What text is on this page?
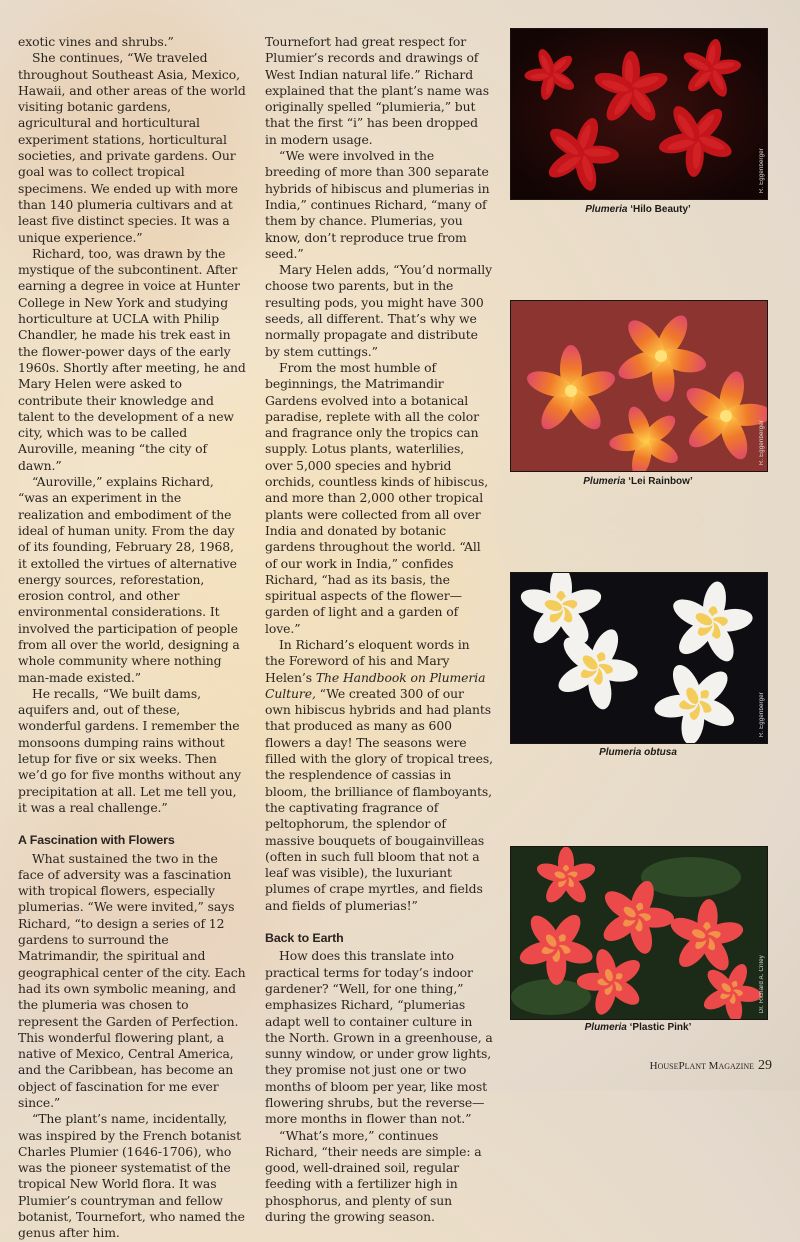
exotic vines and shrubs.”

She continues, “We traveled throughout Southeast Asia, Mexico, Hawaii, and other areas of the world visiting botanic gardens, agricultural and horticultural experiment stations, horticultural societies, and private gardens. Our goal was to collect tropical specimens. We ended up with more than 140 plumeria cultivars and at least five distinct species. It was a unique experience.”

Richard, too, was drawn by the mystique of the subcontinent. After earning a degree in voice at Hunter College in New York and studying horticulture at UCLA with Philip Chandler, he made his trek east in the flower-power days of the early 1960s. Shortly after meeting, he and Mary Helen were asked to contribute their knowledge and talent to the development of a new city, which was to be called Auroville, meaning “the city of dawn.”

“Auroville,” explains Richard, “was an experiment in the realization and embodiment of the ideal of human unity. From the day of its founding, February 28, 1968, it extolled the virtues of alternative energy sources, reforestation, erosion control, and other environmental considerations. It involved the participation of people from all over the world, designing a whole community where nothing man-made existed.”

He recalls, “We built dams, aquifers and, out of these, wonderful gardens. I remember the monsoons dumping rains without letup for five or six weeks. Then we’d go for five months without any precipitation at all. Let me tell you, it was a real challenge.”

A Fascination with Flowers

What sustained the two in the face of adversity was a fascination with tropical flowers, especially plumerias. “We were invited,” says Richard, “to design a series of 12 gardens to surround the Matrimandir, the spiritual and geographical center of the city. Each had its own symbolic meaning, and the plumeria was chosen to represent the Garden of Perfection. This wonderful flowering plant, a native of Mexico, Central America, and the Caribbean, has become an object of fascination for me ever since.”

“The plant’s name, incidentally, was inspired by the French botanist Charles Plumier (1646-1706), who was the pioneer systematist of the tropical New World flora. It was Plumier’s countryman and fellow botanist, Tournefort, who named the genus after him.

Tournefort had great respect for Plumier’s records and drawings of West Indian natural life.” Richard explained that the plant’s name was originally spelled “plumieria,” but that the first “i” has been dropped in modern usage.

“We were involved in the breeding of more than 300 separate hybrids of hibiscus and plumerias in India,” continues Richard, “many of them by chance. Plumerias, you know, don’t reproduce true from seed.”

Mary Helen adds, “You’d normally choose two parents, but in the resulting pods, you might have 300 seeds, all different. That’s why we normally propagate and distribute by stem cuttings.”

From the most humble of beginnings, the Matrimandir Gardens evolved into a botanical paradise, replete with all the color and fragrance only the tropics can supply. Lotus plants, waterlilies, over 5,000 species and hybrid orchids, countless kinds of hibiscus, and more than 2,000 other tropical plants were collected from all over India and donated by botanic gardens throughout the world. “All of our work in India,” confides Richard, “had as its basis, the spiritual aspects of the flower—garden of light and a garden of love.”

In Richard’s eloquent words in the Foreword of his and Mary Helen’s The Handbook on Plumeria Culture, “We created 300 of our own hibiscus hybrids and had plants that produced as many as 600 flowers a day! The seasons were filled with the glory of tropical trees, the resplendence of cassias in bloom, the brilliance of flamboyants, the captivating fragrance of peltophorum, the splendor of massive bouquets of bougainvilleas (often in such full bloom that not a leaf was visible), the luxuriant plumes of crape myrtles, and fields and fields of plumerias!”

Back to Earth

How does this translate into practical terms for today’s indoor gardener? “Well, for one thing,” emphasizes Richard, “plumerias adapt well to container culture in the North. Grown in a greenhouse, a sunny window, or under grow lights, they promise not just one or two months of bloom per year, like most flowering shrubs, but the reverse—more months in flower than not.”

“What’s more,” continues Richard, “their needs are simple: a good, well-drained soil, regular feeding with a fertilizer high in phosphorus, and plenty of sun during the growing season.

R. Eggenberger
Plumeria ‘Hilo Beauty’
R. Eggenberger
Plumeria ‘Lei Rainbow’
R. Eggenberger
Plumeria obtusa
Dr. Richard A. Criley
Plumeria ‘Plastic Pink’
HousePlant Magazine 29
